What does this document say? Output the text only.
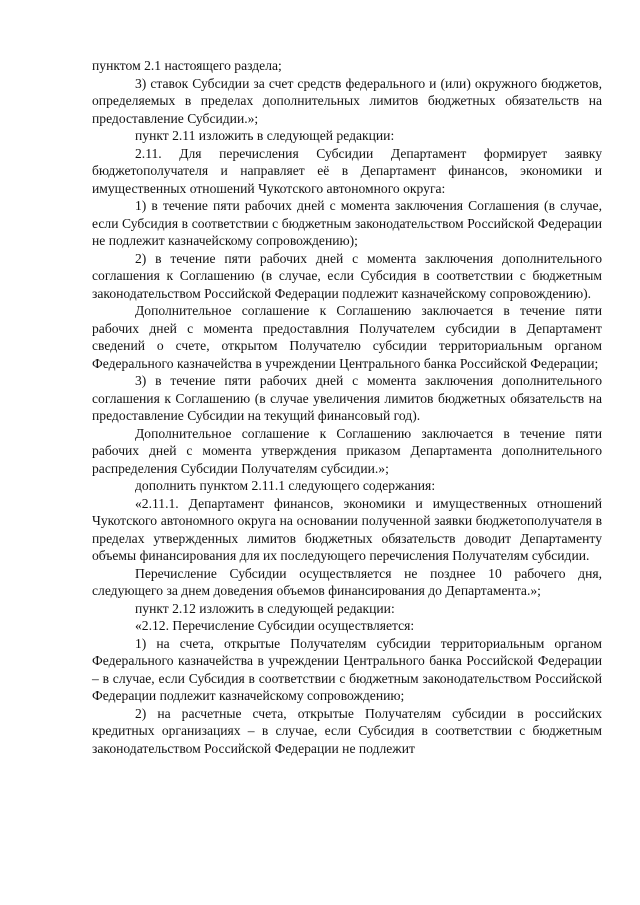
пунктом 2.1 настоящего раздела;

3) ставок Субсидии за счет средств федерального и (или) окружного бюджетов, определяемых в пределах дополнительных лимитов бюджетных обязательств на предоставление Субсидии.»;

пункт 2.11 изложить в следующей редакции:

2.11. Для перечисления Субсидии Департамент формирует заявку бюджетополучателя и направляет её в Департамент финансов, экономики и имущественных отношений Чукотского автономного округа:

1) в течение пяти рабочих дней с момента заключения Соглашения (в случае, если Субсидия в соответствии с бюджетным законодательством Российской Федерации не подлежит казначейскому сопровождению);

2) в течение пяти рабочих дней с момента заключения дополнительного соглашения к Соглашению (в случае, если Субсидия в соответствии с бюджетным законодательством Российской Федерации подлежит казначейскому сопровождению).

Дополнительное соглашение к Соглашению заключается в течение пяти рабочих дней с момента предоставлния Получателем субсидии в Департамент сведений о счете, открытом Получателю субсидии территориальным органом Федерального казначейства в учреждении Центрального банка Российской Федерации;

3) в течение пяти рабочих дней с момента заключения дополнительного соглашения к Соглашению (в случае увеличения лимитов бюджетных обязательств на предоставление Субсидии на текущий финансовый год).

Дополнительное соглашение к Соглашению заключается в течение пяти рабочих дней с момента утверждения приказом Департамента дополнительного распределения Субсидии Получателям субсидии.»;

дополнить пунктом 2.11.1 следующего содержания:

«2.11.1. Департамент финансов, экономики и имущественных отношений Чукотского автономного округа на основании полученной заявки бюджетополучателя в пределах утвержденных лимитов бюджетных обязательств доводит Департаменту объемы финансирования для их последующего перечисления Получателям субсидии.

Перечисление Субсидии осуществляется не позднее 10 рабочего дня, следующего за днем доведения объемов финансирования до Департамента.»;

пункт 2.12 изложить в следующей редакции:

«2.12. Перечисление Субсидии осуществляется:

1) на счета, открытые Получателям субсидии территориальным органом Федерального казначейства в учреждении Центрального банка Российской Федерации – в случае, если Субсидия в соответствии с бюджетным законодательством Российской Федерации подлежит казначейскому сопровождению;

2) на расчетные счета, открытые Получателям субсидии в российских кредитных организациях – в случае, если Субсидия в соответствии с бюджетным законодательством Российской Федерации не подлежит
